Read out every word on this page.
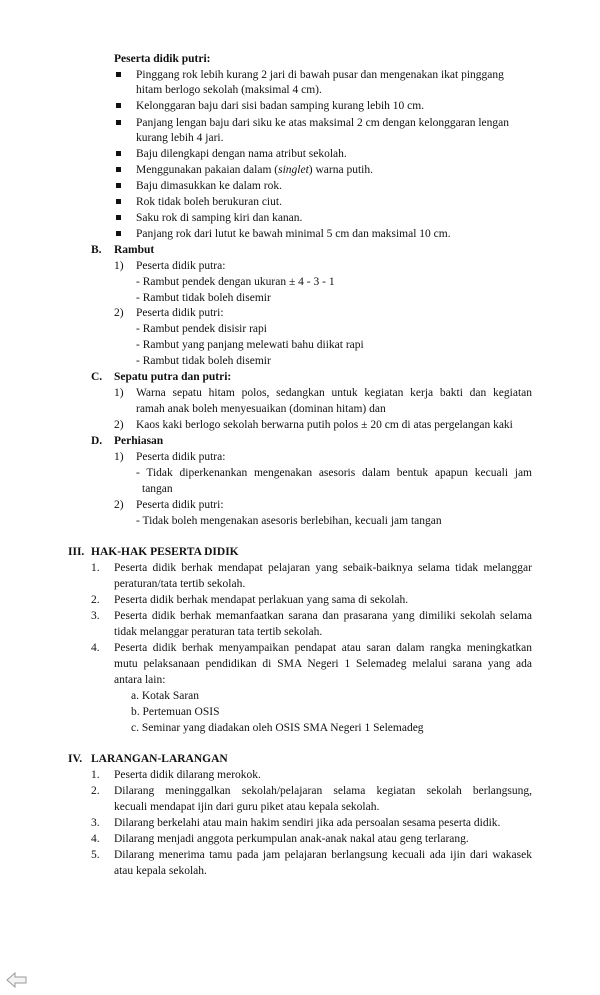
Peserta didik putri:
Pinggang rok lebih kurang 2 jari di bawah pusar dan mengenakan ikat pinggang
hitam berlogo sekolah (maksimal 4 cm).
Kelonggaran baju dari sisi badan samping kurang lebih 10 cm.
Panjang lengan baju dari siku ke atas maksimal 2 cm dengan kelonggaran lengan
kurang lebih 4 jari.
Baju dilengkapi dengan nama atribut sekolah.
Menggunakan pakaian dalam (singlet) warna putih.
Baju dimasukkan ke dalam rok.
Rok tidak boleh berukuran ciut.
Saku rok di samping kiri dan kanan.
Panjang rok dari lutut ke bawah minimal 5 cm dan maksimal 10 cm.
B. Rambut
1) Peserta didik putra:
- Rambut pendek dengan ukuran ± 4 - 3 - 1
- Rambut tidak boleh disemir
2) Peserta didik putri:
- Rambut pendek disisir rapi
- Rambut yang panjang melewati bahu diikat rapi
- Rambut tidak boleh disemir
C. Sepatu putra dan putri:
1) Warna sepatu hitam polos, sedangkan untuk kegiatan kerja bakti dan kegiatan
ramah anak boleh menyesuaikan (dominan hitam) dan
2) Kaos kaki berlogo sekolah berwarna putih polos ± 20 cm di atas pergelangan kaki
D. Perhiasan
1) Peserta didik putra:
- Tidak diperkenankan mengenakan asesoris dalam bentuk apapun kecuali jam
tangan
2) Peserta didik putri:
- Tidak boleh mengenakan asesoris berlebihan, kecuali jam tangan
III. HAK-HAK PESERTA DIDIK
1. Peserta didik berhak mendapat pelajaran yang sebaik-baiknya selama tidak melanggar
peraturan/tata tertib sekolah.
2. Peserta didik berhak mendapat perlakuan yang sama di sekolah.
3. Peserta didik berhak memanfaatkan sarana dan prasarana yang dimiliki sekolah selama
tidak melanggar peraturan tata tertib sekolah.
4. Peserta didik berhak menyampaikan pendapat atau saran dalam rangka meningkatkan
mutu pelaksanaan pendidikan di SMA Negeri 1 Selemadeg melalui sarana yang ada
antara lain:
a. Kotak Saran
b. Pertemuan OSIS
c. Seminar yang diadakan oleh OSIS SMA Negeri 1 Selemadeg
IV. LARANGAN-LARANGAN
1. Peserta didik dilarang merokok.
2. Dilarang meninggalkan sekolah/pelajaran selama kegiatan sekolah berlangsung,
kecuali mendapat ijin dari guru piket atau kepala sekolah.
3. Dilarang berkelahi atau main hakim sendiri jika ada persoalan sesama peserta didik.
4. Dilarang menjadi anggota perkumpulan anak-anak nakal atau geng terlarang.
5. Dilarang menerima tamu pada jam pelajaran berlangsung kecuali ada ijin dari wakasek
atau kepala sekolah.
